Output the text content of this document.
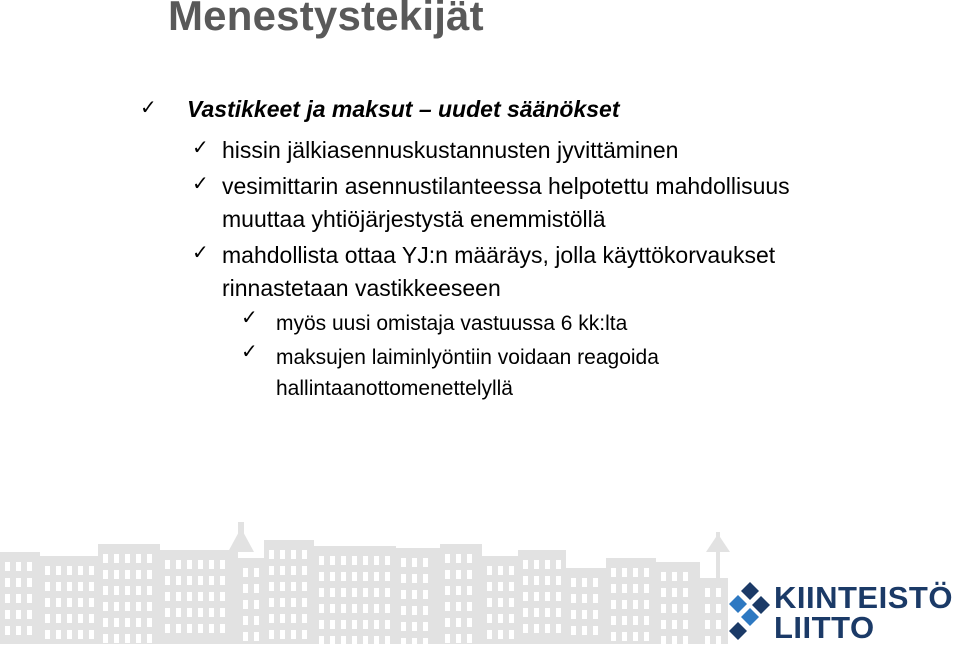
Menestystekijät
✓ Vastikkeet ja maksut – uudet säänökset
✓ hissin jälkiasennuskustannusten jyvittäminen
✓ vesimittarin asennustilanteessa helpotettu mahdollisuus
muuttaa yhtiöjärjestystä enemmistöllä
✓ mahdollista ottaa YJ:n määräys, jolla käyttökorvaukset
rinnastetaan vastikkeeseen
✓ myös uusi omistaja vastuussa 6 kk:lta
✓ maksujen laiminlyöntiin voidaan reagoida
hallintaanottomenettelyllä
KIINTEISTÖ
LIITTO
